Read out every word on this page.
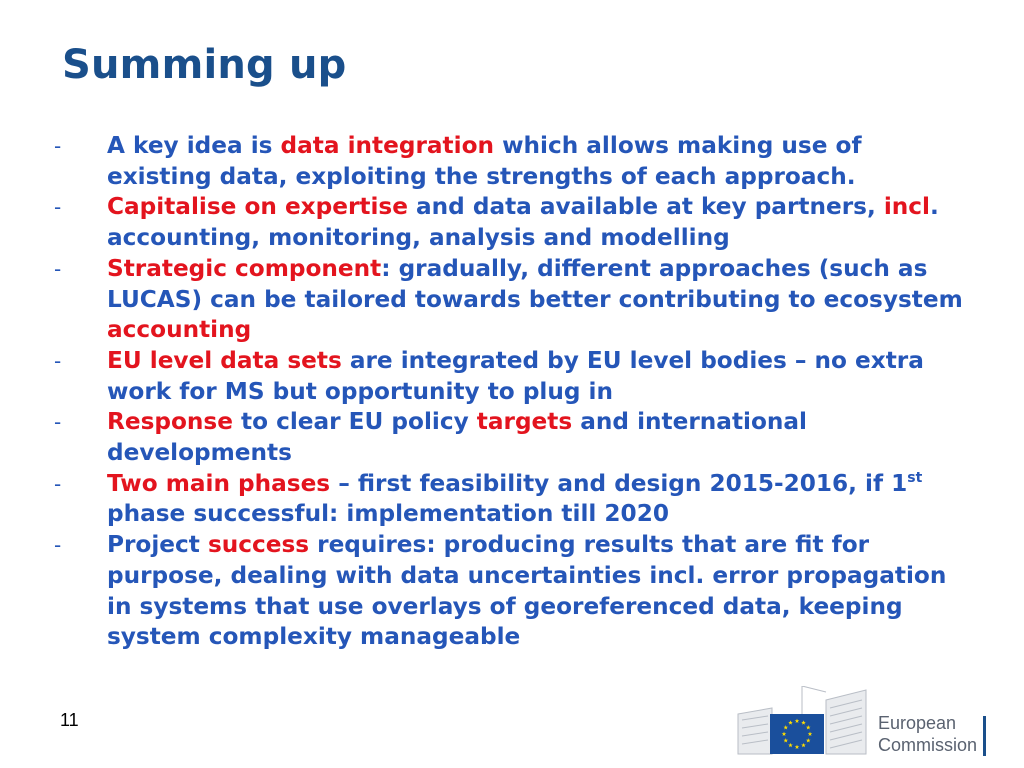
Summing up
- A key idea is data integration which allows making use of existing data, exploiting the strengths of each approach.
- Capitalise on expertise and data available at key partners, incl. accounting, monitoring, analysis and modelling
- Strategic component: gradually, different approaches (such as LUCAS) can be tailored towards better contributing to ecosystem accounting
- EU level data sets are integrated by EU level bodies – no extra work for MS but opportunity to plug in
- Response to clear EU policy targets and international developments
- Two main phases – first feasibility and design 2015-2016, if 1st phase successful: implementation till 2020
- Project success requires: producing results that are fit for purpose, dealing with data uncertainties incl. error propagation in systems that use overlays of georeferenced data, keeping system complexity manageable
11	European
Commission
